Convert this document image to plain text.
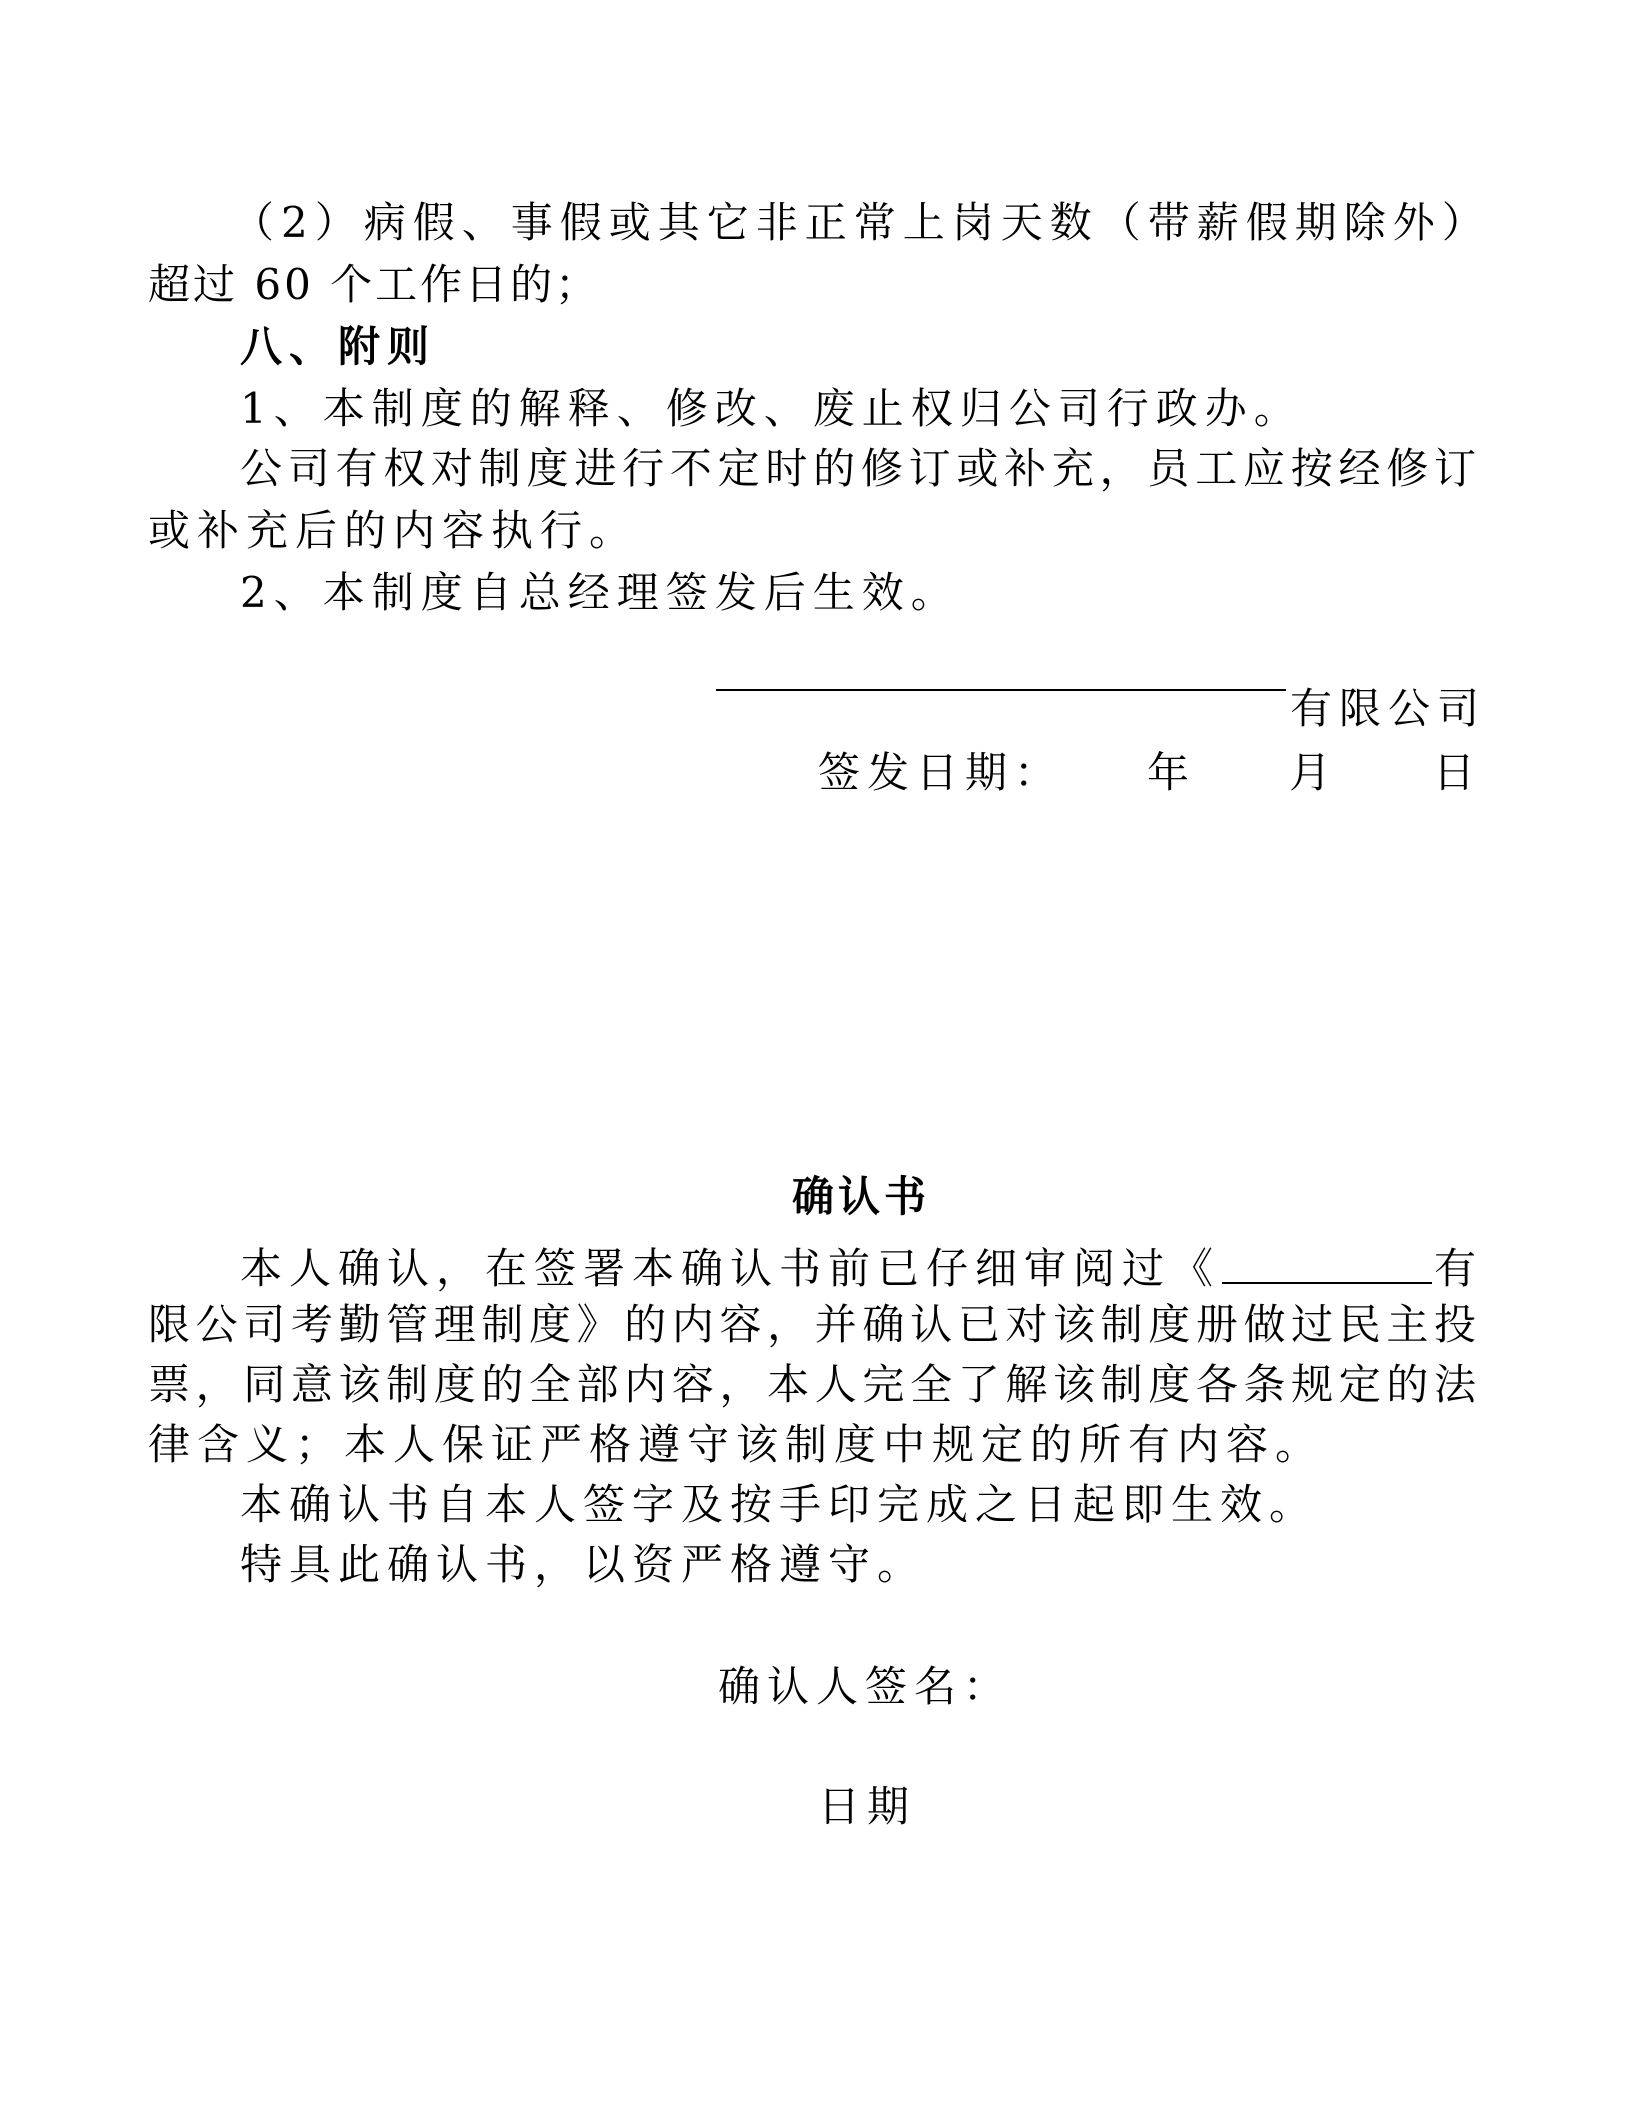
（2）病假、事假或其它非正常上岗天数（带薪假期除外）
超过 60 个工作日的；
八、附则
1、本制度的解释、修改、废止权归公司行政办。
公司有权对制度进行不定时的修订或补充，员工应按经修订
或补充后的内容执行。
2、本制度自总经理签发后生效。
有限公司
签发日期： 年 月 日
确认书
本人确认，在签署本确认书前已仔细审阅过《	有
限公司考勤管理制度》的内容，并确认已对该制度册做过民主投
票，同意该制度的全部内容，本人完全了解该制度各条规定的法
律含义；本人保证严格遵守该制度中规定的所有内容。
本确认书自本人签字及按手印完成之日起即生效。
特具此确认书，以资严格遵守。
确认人签名：
日期
